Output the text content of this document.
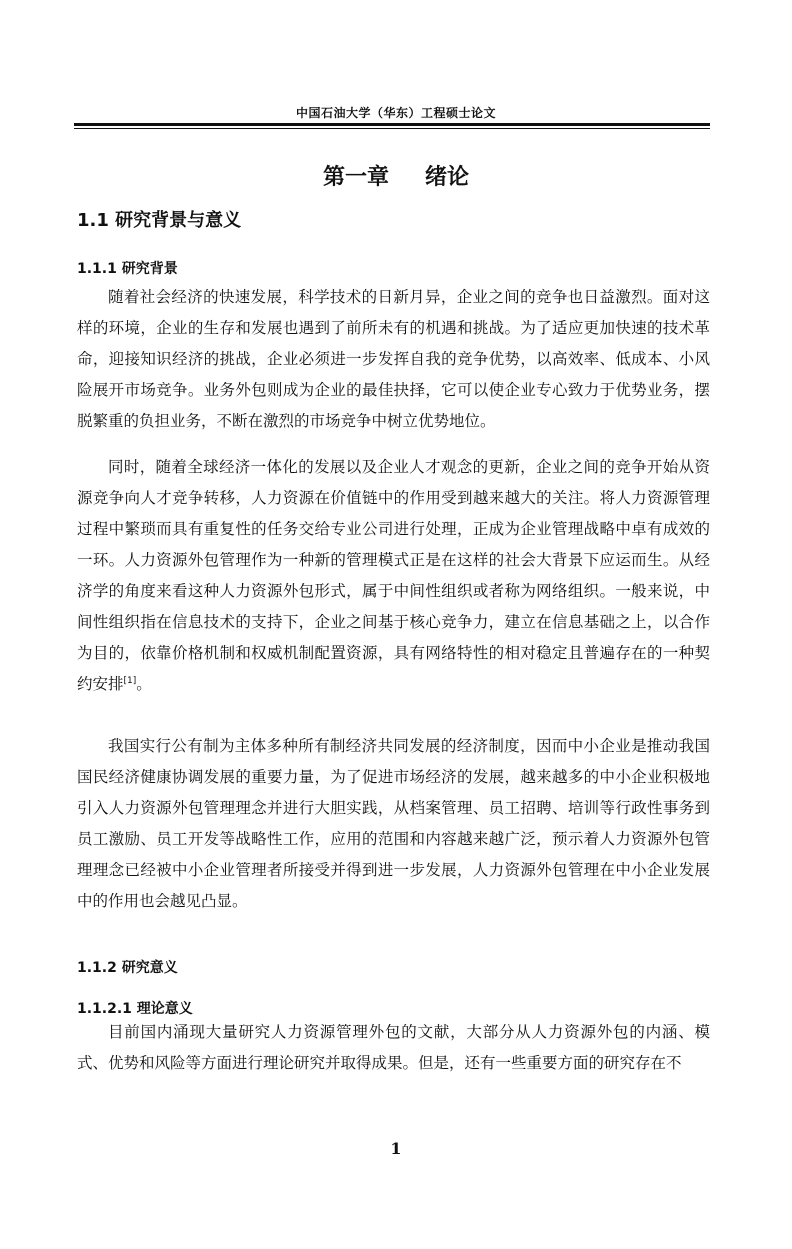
中国石油大学（华东）工程硕士论文
第一章 绪论
1.1 研究背景与意义
1.1.1 研究背景

随着社会经济的快速发展，科学技术的日新月异，企业之间的竞争也日益激烈。面对这样的环境，企业的生存和发展也遇到了前所未有的机遇和挑战。为了适应更加快速的技术革命，迎接知识经济的挑战，企业必须进一步发挥自我的竞争优势，以高效率、低成本、小风险展开市场竞争。业务外包则成为企业的最佳抉择，它可以使企业专心致力于优势业务，摆脱繁重的负担业务，不断在激烈的市场竞争中树立优势地位。

同时，随着全球经济一体化的发展以及企业人才观念的更新，企业之间的竞争开始从资源竞争向人才竞争转移，人力资源在价值链中的作用受到越来越大的关注。将人力资源管理过程中繁琐而具有重复性的任务交给专业公司进行处理，正成为企业管理战略中卓有成效的一环。人力资源外包管理作为一种新的管理模式正是在这样的社会大背景下应运而生。从经济学的角度来看这种人力资源外包形式，属于中间性组织或者称为网络组织。一般来说，中间性组织指在信息技术的支持下，企业之间基于核心竞争力，建立在信息基础之上，以合作为目的，依靠价格机制和权威机制配置资源，具有网络特性的相对稳定且普遍存在的一种契约安排[1]。

我国实行公有制为主体多种所有制经济共同发展的经济制度，因而中小企业是推动我国国民经济健康协调发展的重要力量，为了促进市场经济的发展，越来越多的中小企业积极地引入人力资源外包管理理念并进行大胆实践，从档案管理、员工招聘、培训等行政性事务到员工激励、员工开发等战略性工作，应用的范围和内容越来越广泛，预示着人力资源外包管理理念已经被中小企业管理者所接受并得到进一步发展，人力资源外包管理在中小企业发展中的作用也会越见凸显。

1.1.2 研究意义
1.1.2.1 理论意义

目前国内涌现大量研究人力资源管理外包的文献，大部分从人力资源外包的内涵、模式、优势和风险等方面进行理论研究并取得成果。但是，还有一些重要方面的研究存在不

1
